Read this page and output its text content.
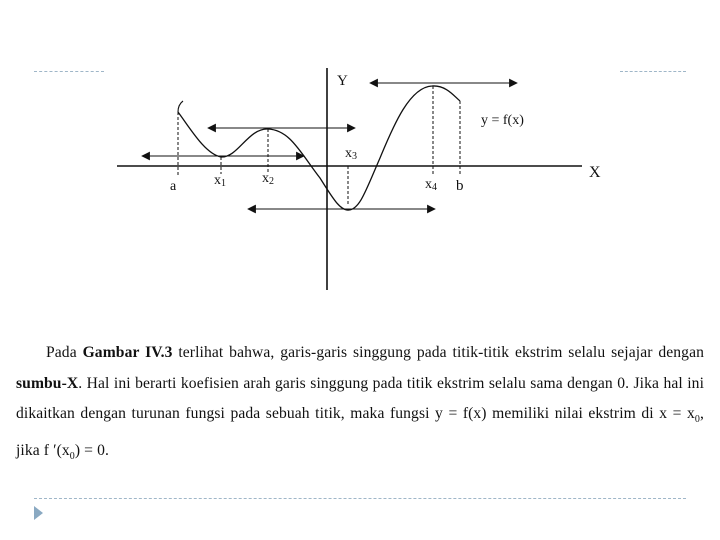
Y
X
y = f(x)
a	b
x1	x2
x3
x4
Pada Gambar IV.3 terlihat bahwa, garis-garis singgung pada titik-titik ekstrim selalu sejajar dengan sumbu-X. Hal ini berarti koefisien arah garis singgung pada titik ekstrim selalu sama dengan 0. Jika hal ini dikaitkan dengan turunan fungsi pada sebuah titik, maka fungsi y = f(x) memiliki nilai ekstrim di $x = x_0$, jika f $'(x_0) = 0$.
